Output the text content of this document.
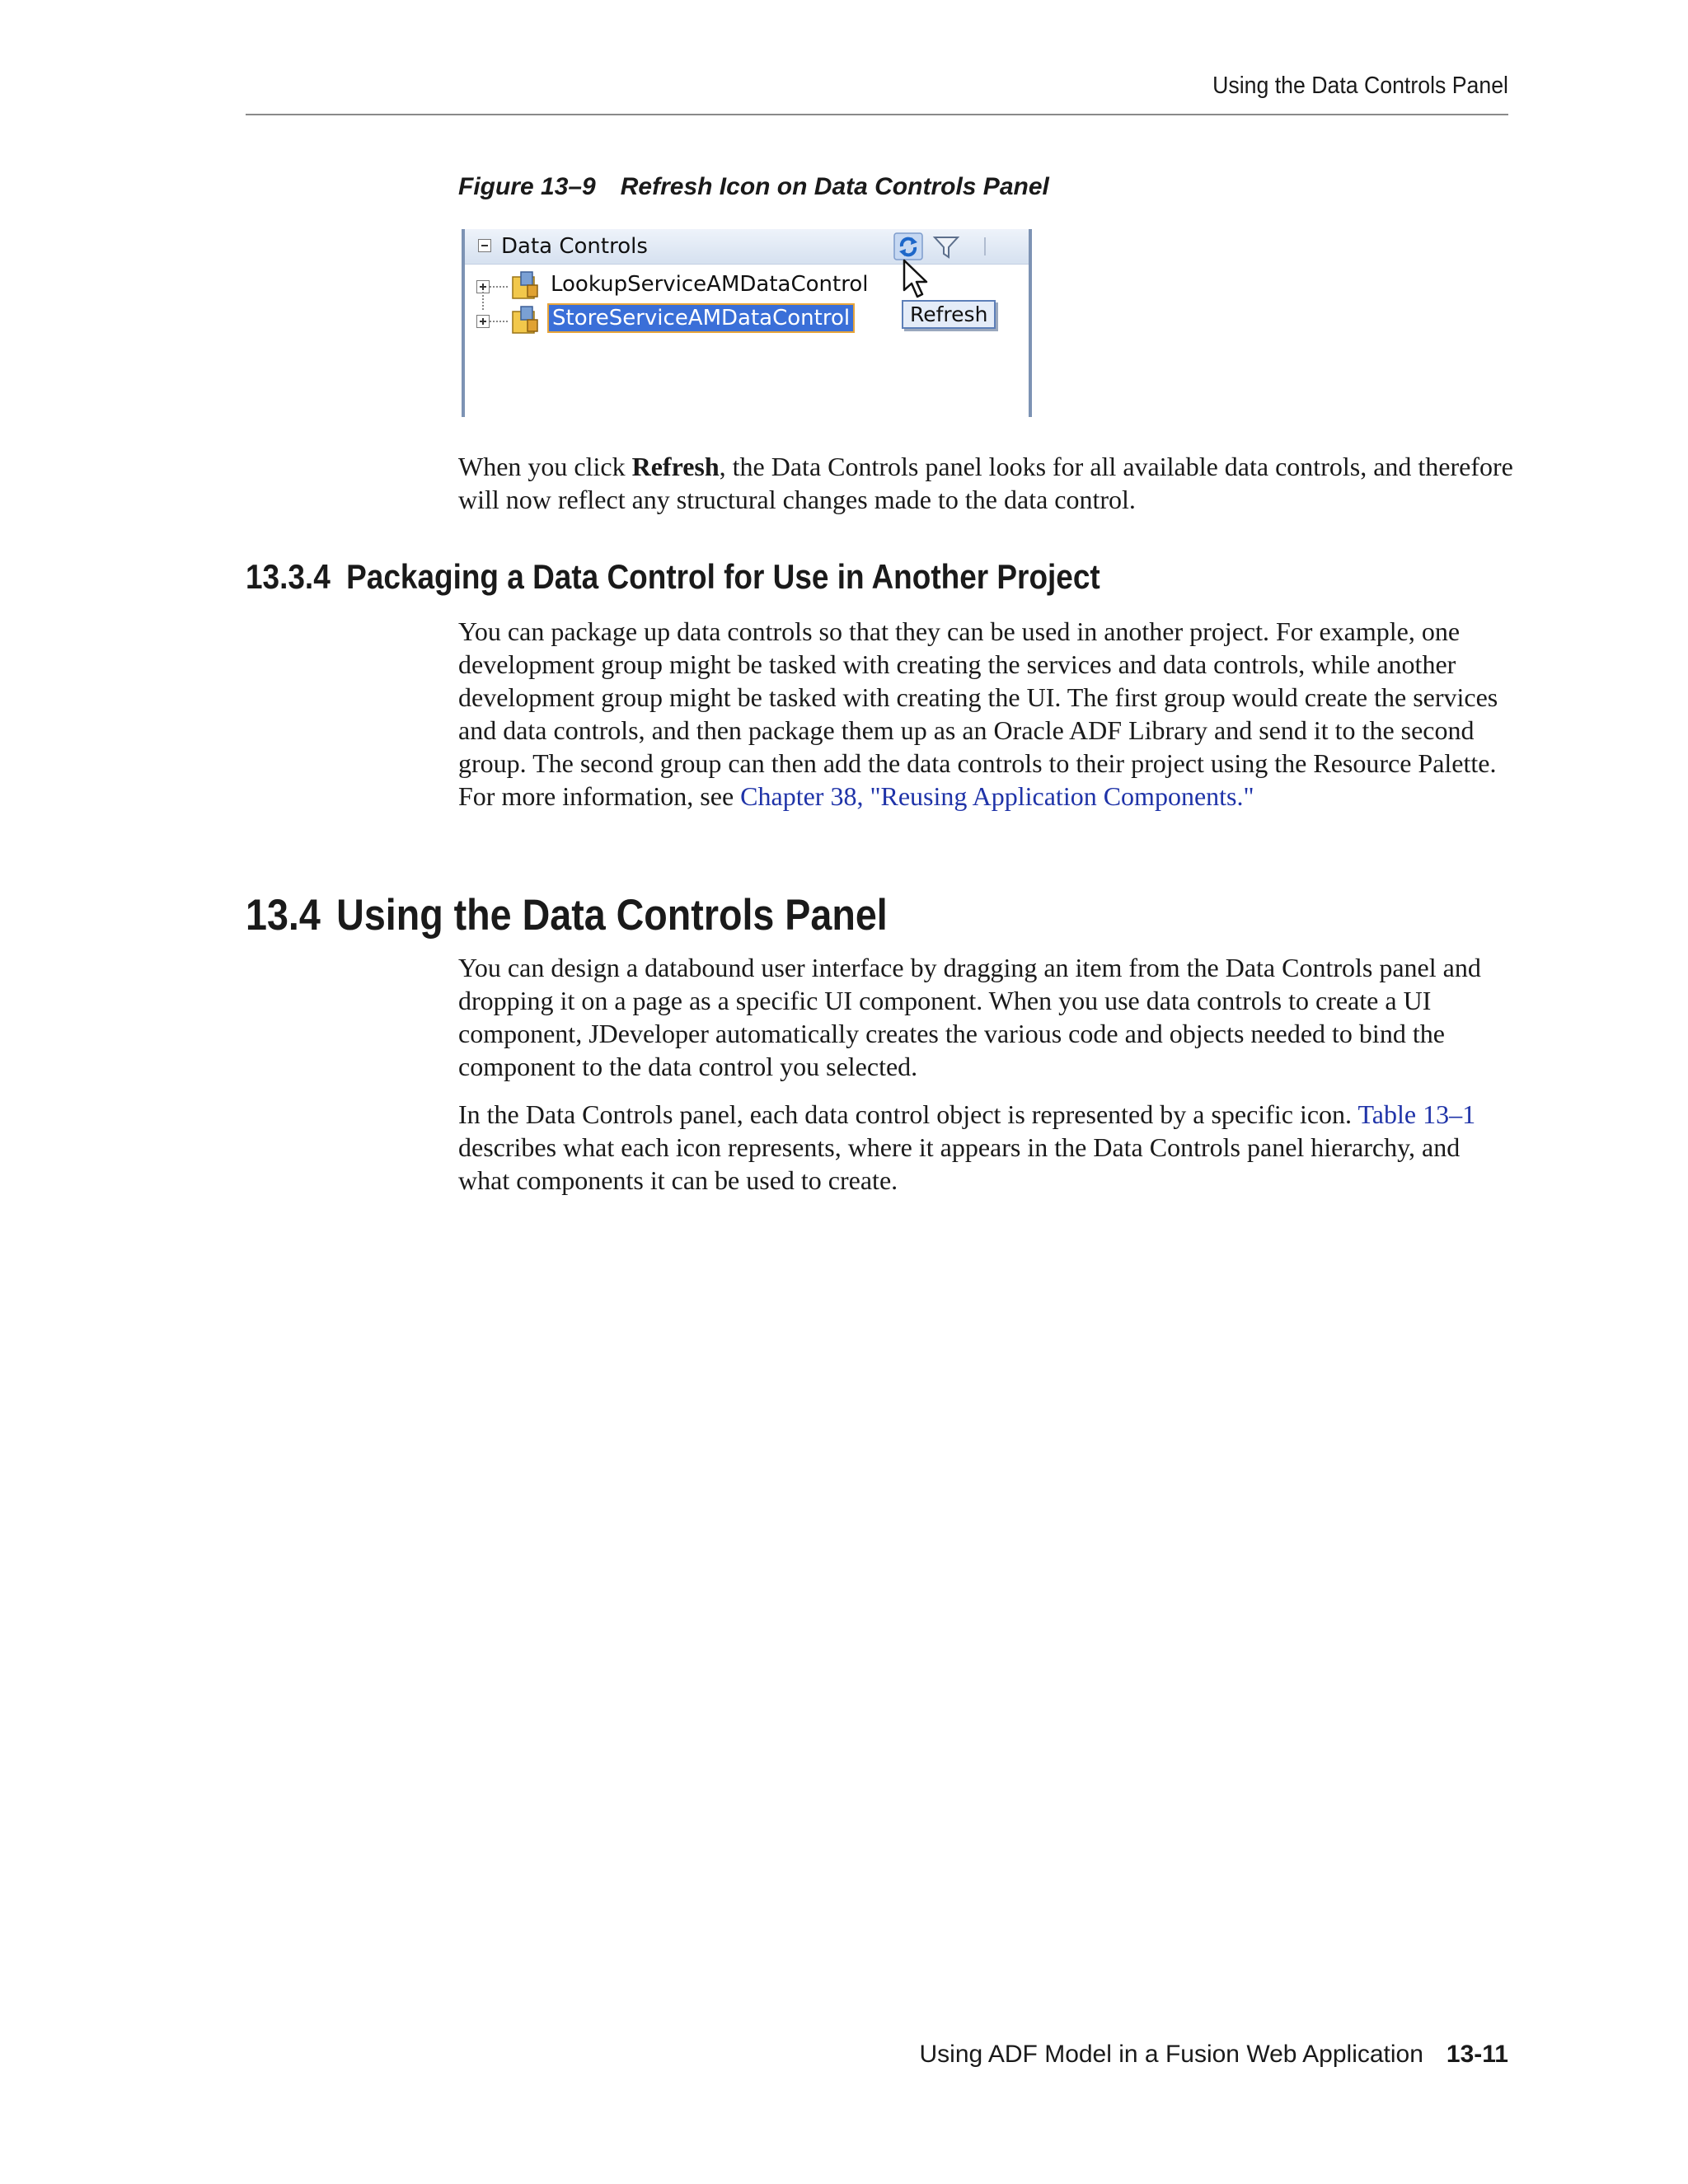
Using the Data Controls Panel
Figure 13–9 Refresh Icon on Data Controls Panel
Data Controls
LookupServiceAMDataControl
StoreServiceAMDataControl	Refresh
When you click Refresh, the Data Controls panel looks for all available data controls, and therefore will now reflect any structural changes made to the data control.
13.3.4 Packaging a Data Control for Use in Another Project
You can package up data controls so that they can be used in another project. For example, one development group might be tasked with creating the services and data controls, while another development group might be tasked with creating the UI. The first group would create the services and data controls, and then package them up as an Oracle ADF Library and send it to the second group. The second group can then add the data controls to their project using the Resource Palette. For more information, see Chapter 38, "Reusing Application Components."
13.4 Using the Data Controls Panel
You can design a databound user interface by dragging an item from the Data Controls panel and dropping it on a page as a specific UI component. When you use data controls to create a UI component, JDeveloper automatically creates the various code and objects needed to bind the component to the data control you selected.
In the Data Controls panel, each data control object is represented by a specific icon. Table 13–1 describes what each icon represents, where it appears in the Data Controls panel hierarchy, and what components it can be used to create.
Using ADF Model in a Fusion Web Application 13-11
